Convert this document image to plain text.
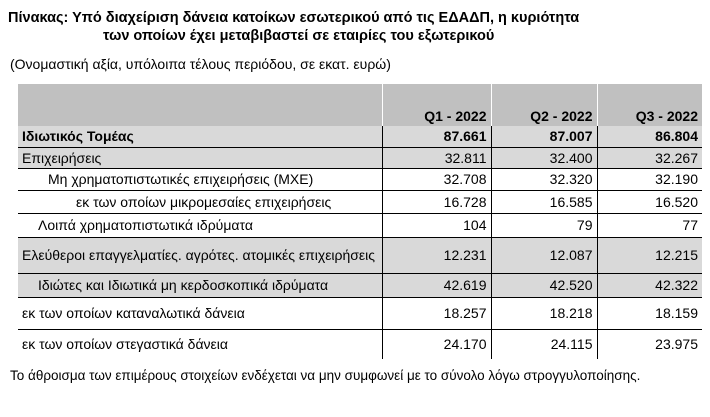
Πίνακας: Υπό διαχείριση δάνεια κατοίκων εσωτερικού από τις ΕΔΑΔΠ, η κυριότητα
των οποίων έχει μεταβιβαστεί σε εταιρίες του εξωτερικού
(Ονομαστική αξία, υπόλοιπα τέλους περιόδου, σε εκατ. ευρώ)
	Q1 - 2022	Q2 - 2022	Q3 - 2022
Ιδιωτικός Τομέας	87.661	87.007	86.804
Επιχειρήσεις	32.811	32.400	32.267
Μη χρηματοπιστωτικές επιχειρήσεις (ΜΧΕ)	32.708	32.320	32.190
εκ των οποίων μικρομεσαίες επιχειρήσεις	16.728	16.585	16.520
Λοιπά χρηματοπιστωτικά ιδρύματα	104	79	77
Ελεύθεροι επαγγελματίες. αγρότες. ατομικές επιχειρήσεις	12.231	12.087	12.215
Ιδιώτες και Ιδιωτικά μη κερδοσκοπικά ιδρύματα	42.619	42.520	42.322
εκ των οποίων καταναλωτικά δάνεια	18.257	18.218	18.159
εκ των οποίων στεγαστικά δάνεια	24.170	24.115	23.975
Το άθροισμα των επιμέρους στοιχείων ενδέχεται να μην συμφωνεί με το σύνολο λόγω στρογγυλοποίησης.
